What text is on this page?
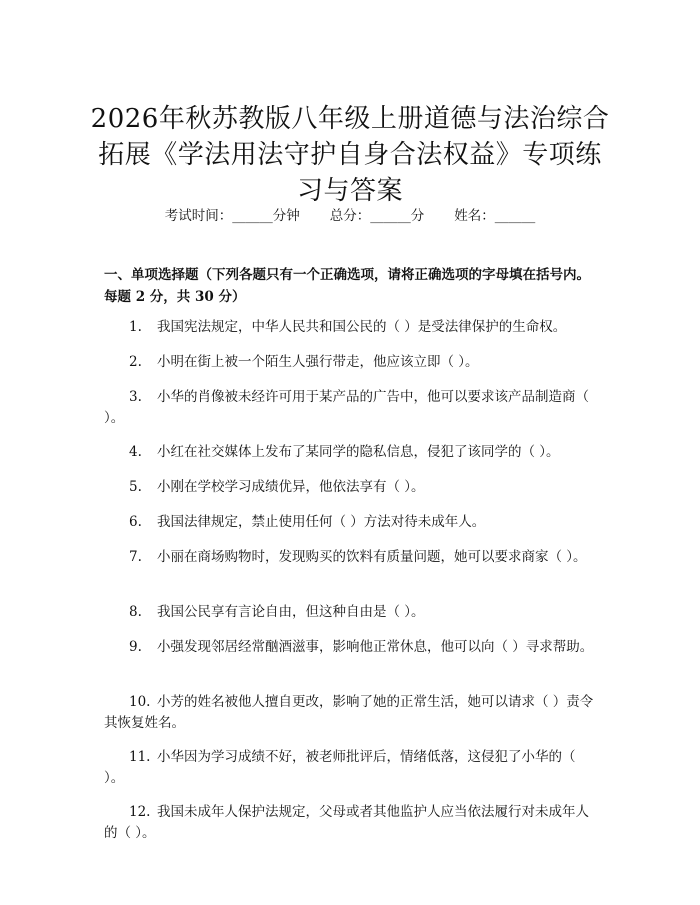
2026年秋苏教版八年级上册道德与法治综合拓展《学法用法守护自身合法权益》专项练习与答案
考试时间：______分钟 总分：______分 姓名：______
一、单项选择题（下列各题只有一个正确选项，请将正确选项的字母填在括号内。每题 2 分，共 30 分）

1. 我国宪法规定，中华人民共和国公民的（ ）是受法律保护的生命权。

2. 小明在街上被一个陌生人强行带走，他应该立即（ ）。

3. 小华的肖像被未经许可用于某产品的广告中，他可以要求该产品制造商（ ）。

4. 小红在社交媒体上发布了某同学的隐私信息，侵犯了该同学的（ ）。

5. 小刚在学校学习成绩优异，他依法享有（ ）。

6. 我国法律规定，禁止使用任何（ ）方法对待未成年人。

7. 小丽在商场购物时，发现购买的饮料有质量问题，她可以要求商家（ ）。

8. 我国公民享有言论自由，但这种自由是（ ）。

9. 小强发现邻居经常酗酒滋事，影响他正常休息，他可以向（ ）寻求帮助。

10. 小芳的姓名被他人擅自更改，影响了她的正常生活，她可以请求（ ）责令其恢复姓名。

11. 小华因为学习成绩不好，被老师批评后，情绪低落，这侵犯了小华的（ ）。

12. 我国未成年人保护法规定，父母或者其他监护人应当依法履行对未成年人的（ ）。
